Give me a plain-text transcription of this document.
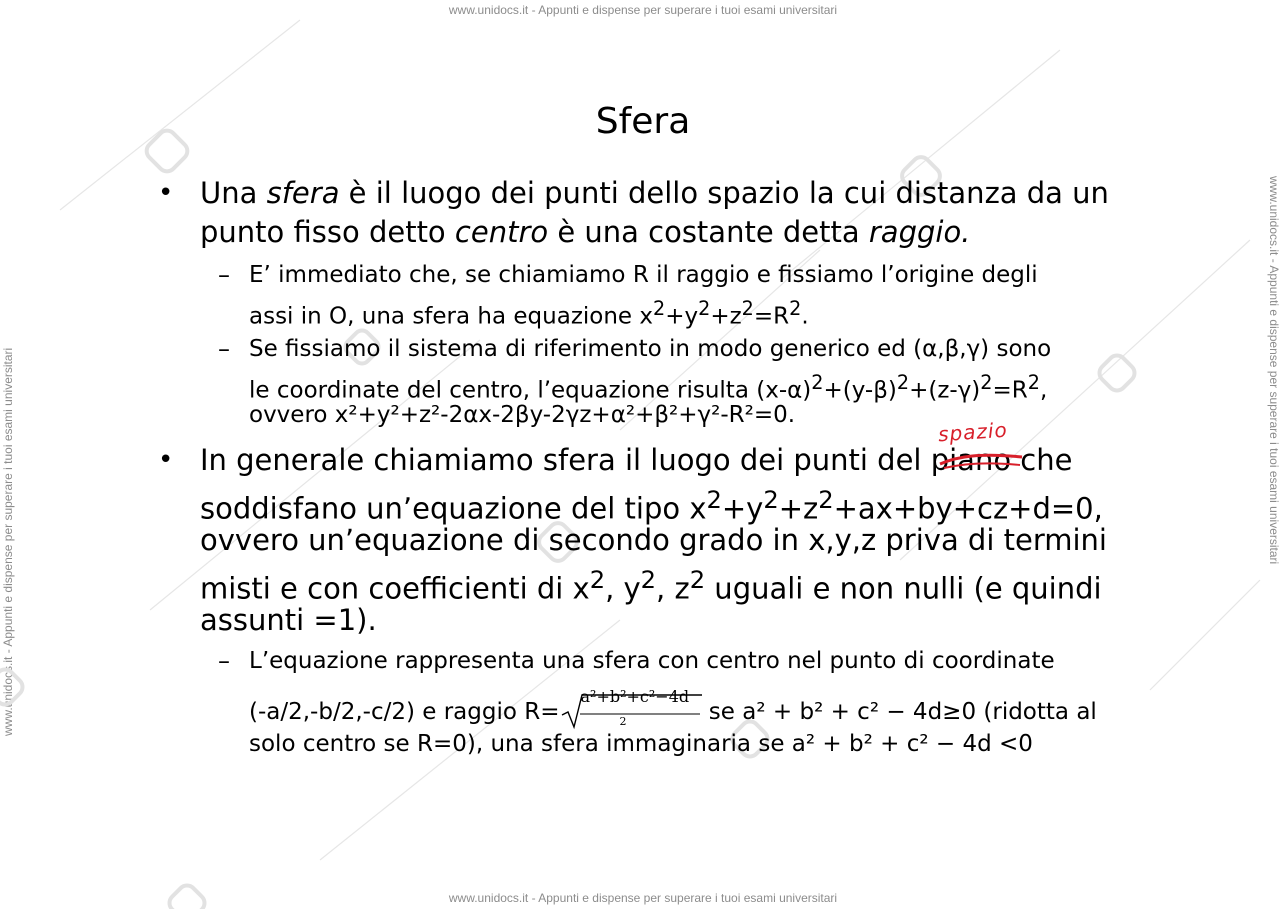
www.unidocs.it - Appunti e dispense per superare i tuoi esami universitari
www.unidocs.it - Appunti e dispense per superare i tuoi esami universitari
www.unidocs.it - Appunti e dispense per superare i tuoi esami universitari	www.unidocs.it - Appunti e dispense per superare i tuoi esami universitari
Sfera
• Una sfera è il luogo dei punti dello spazio la cui distanza da un
punto fisso detto centro è una costante detta raggio.
– E’ immediato che, se chiamiamo R il raggio e fissiamo l’origine degli
assi in O, una sfera ha equazione $x^2+y^2+z^2=R^2$.
– Se fissiamo il sistema di riferimento in modo generico ed (α,β,γ) sono
le coordinate del centro, l’equazione risulta $(x-\alpha)^2+(y-\beta)^2+(z-\gamma)^2=R^2$,
ovvero x²+y²+z²-2αx-2βy-2γz+α²+β²+γ²-R²=0.
• In generale chiamiamo sfera il luogo dei punti del piano che
spazio
soddisfano un’equazione del tipo $x^2+y^2+z^2+ax+by+cz+d=0$,
ovvero un’equazione di secondo grado in x,y,z priva di termini
misti e con coefficienti di $x^2$, $y^2$, $z^2$ uguali e non nulli (e quindi
assunti =1).
– L’equazione rappresenta una sfera con centro nel punto di coordinate
(-a/2,-b/2,-c/2) e raggio R=
a²+b²+c²−4d
2	se a² + b² + c² − 4d≥0 (ridotta al
solo centro se R=0), una sfera immaginaria se a² + b² + c² − 4d <0
